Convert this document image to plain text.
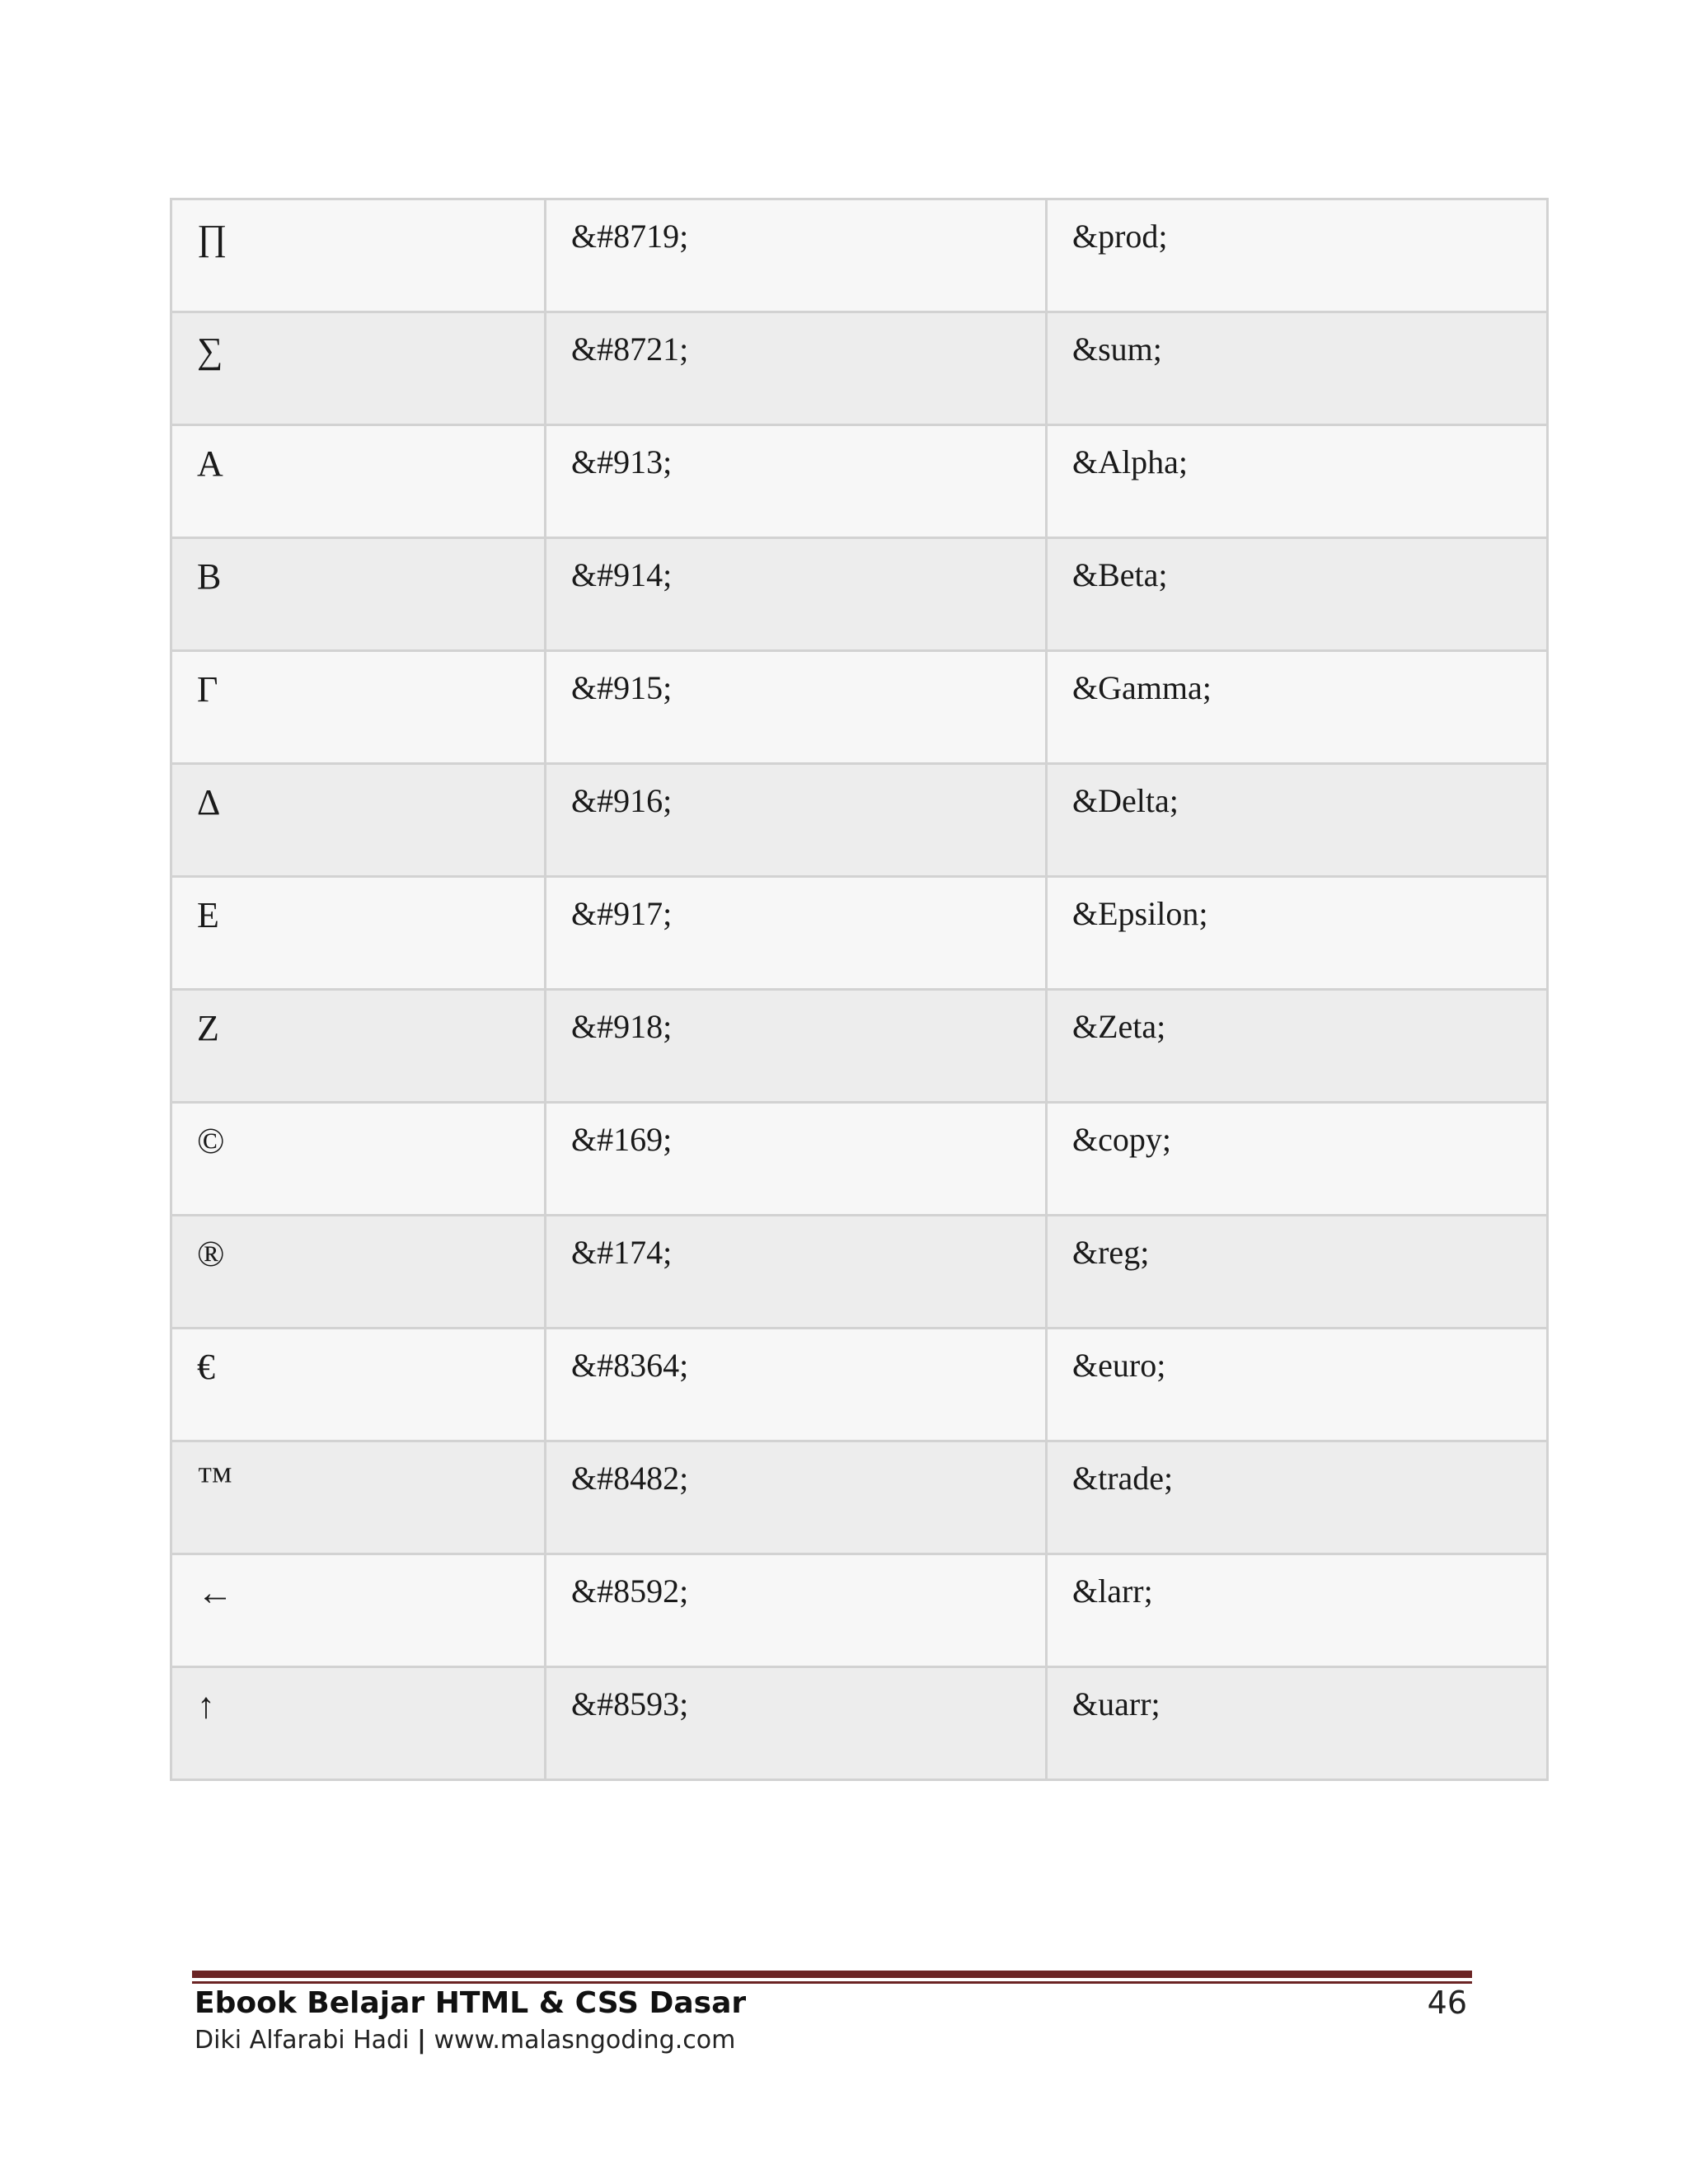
∏	&#8719;	&prod;
∑	&#8721;	&sum;
Α	&#913;	&Alpha;
Β	&#914;	&Beta;
Γ	&#915;	&Gamma;
Δ	&#916;	&Delta;
Ε	&#917;	&Epsilon;
Ζ	&#918;	&Zeta;
©	&#169;	&copy;
®	&#174;	&reg;
€	&#8364;	&euro;
™	&#8482;	&trade;
←	&#8592;	&larr;
↑	&#8593;	&uarr;
Ebook Belajar HTML & CSS Dasar
Diki Alfarabi Hadi | www.malasngoding.com
46
